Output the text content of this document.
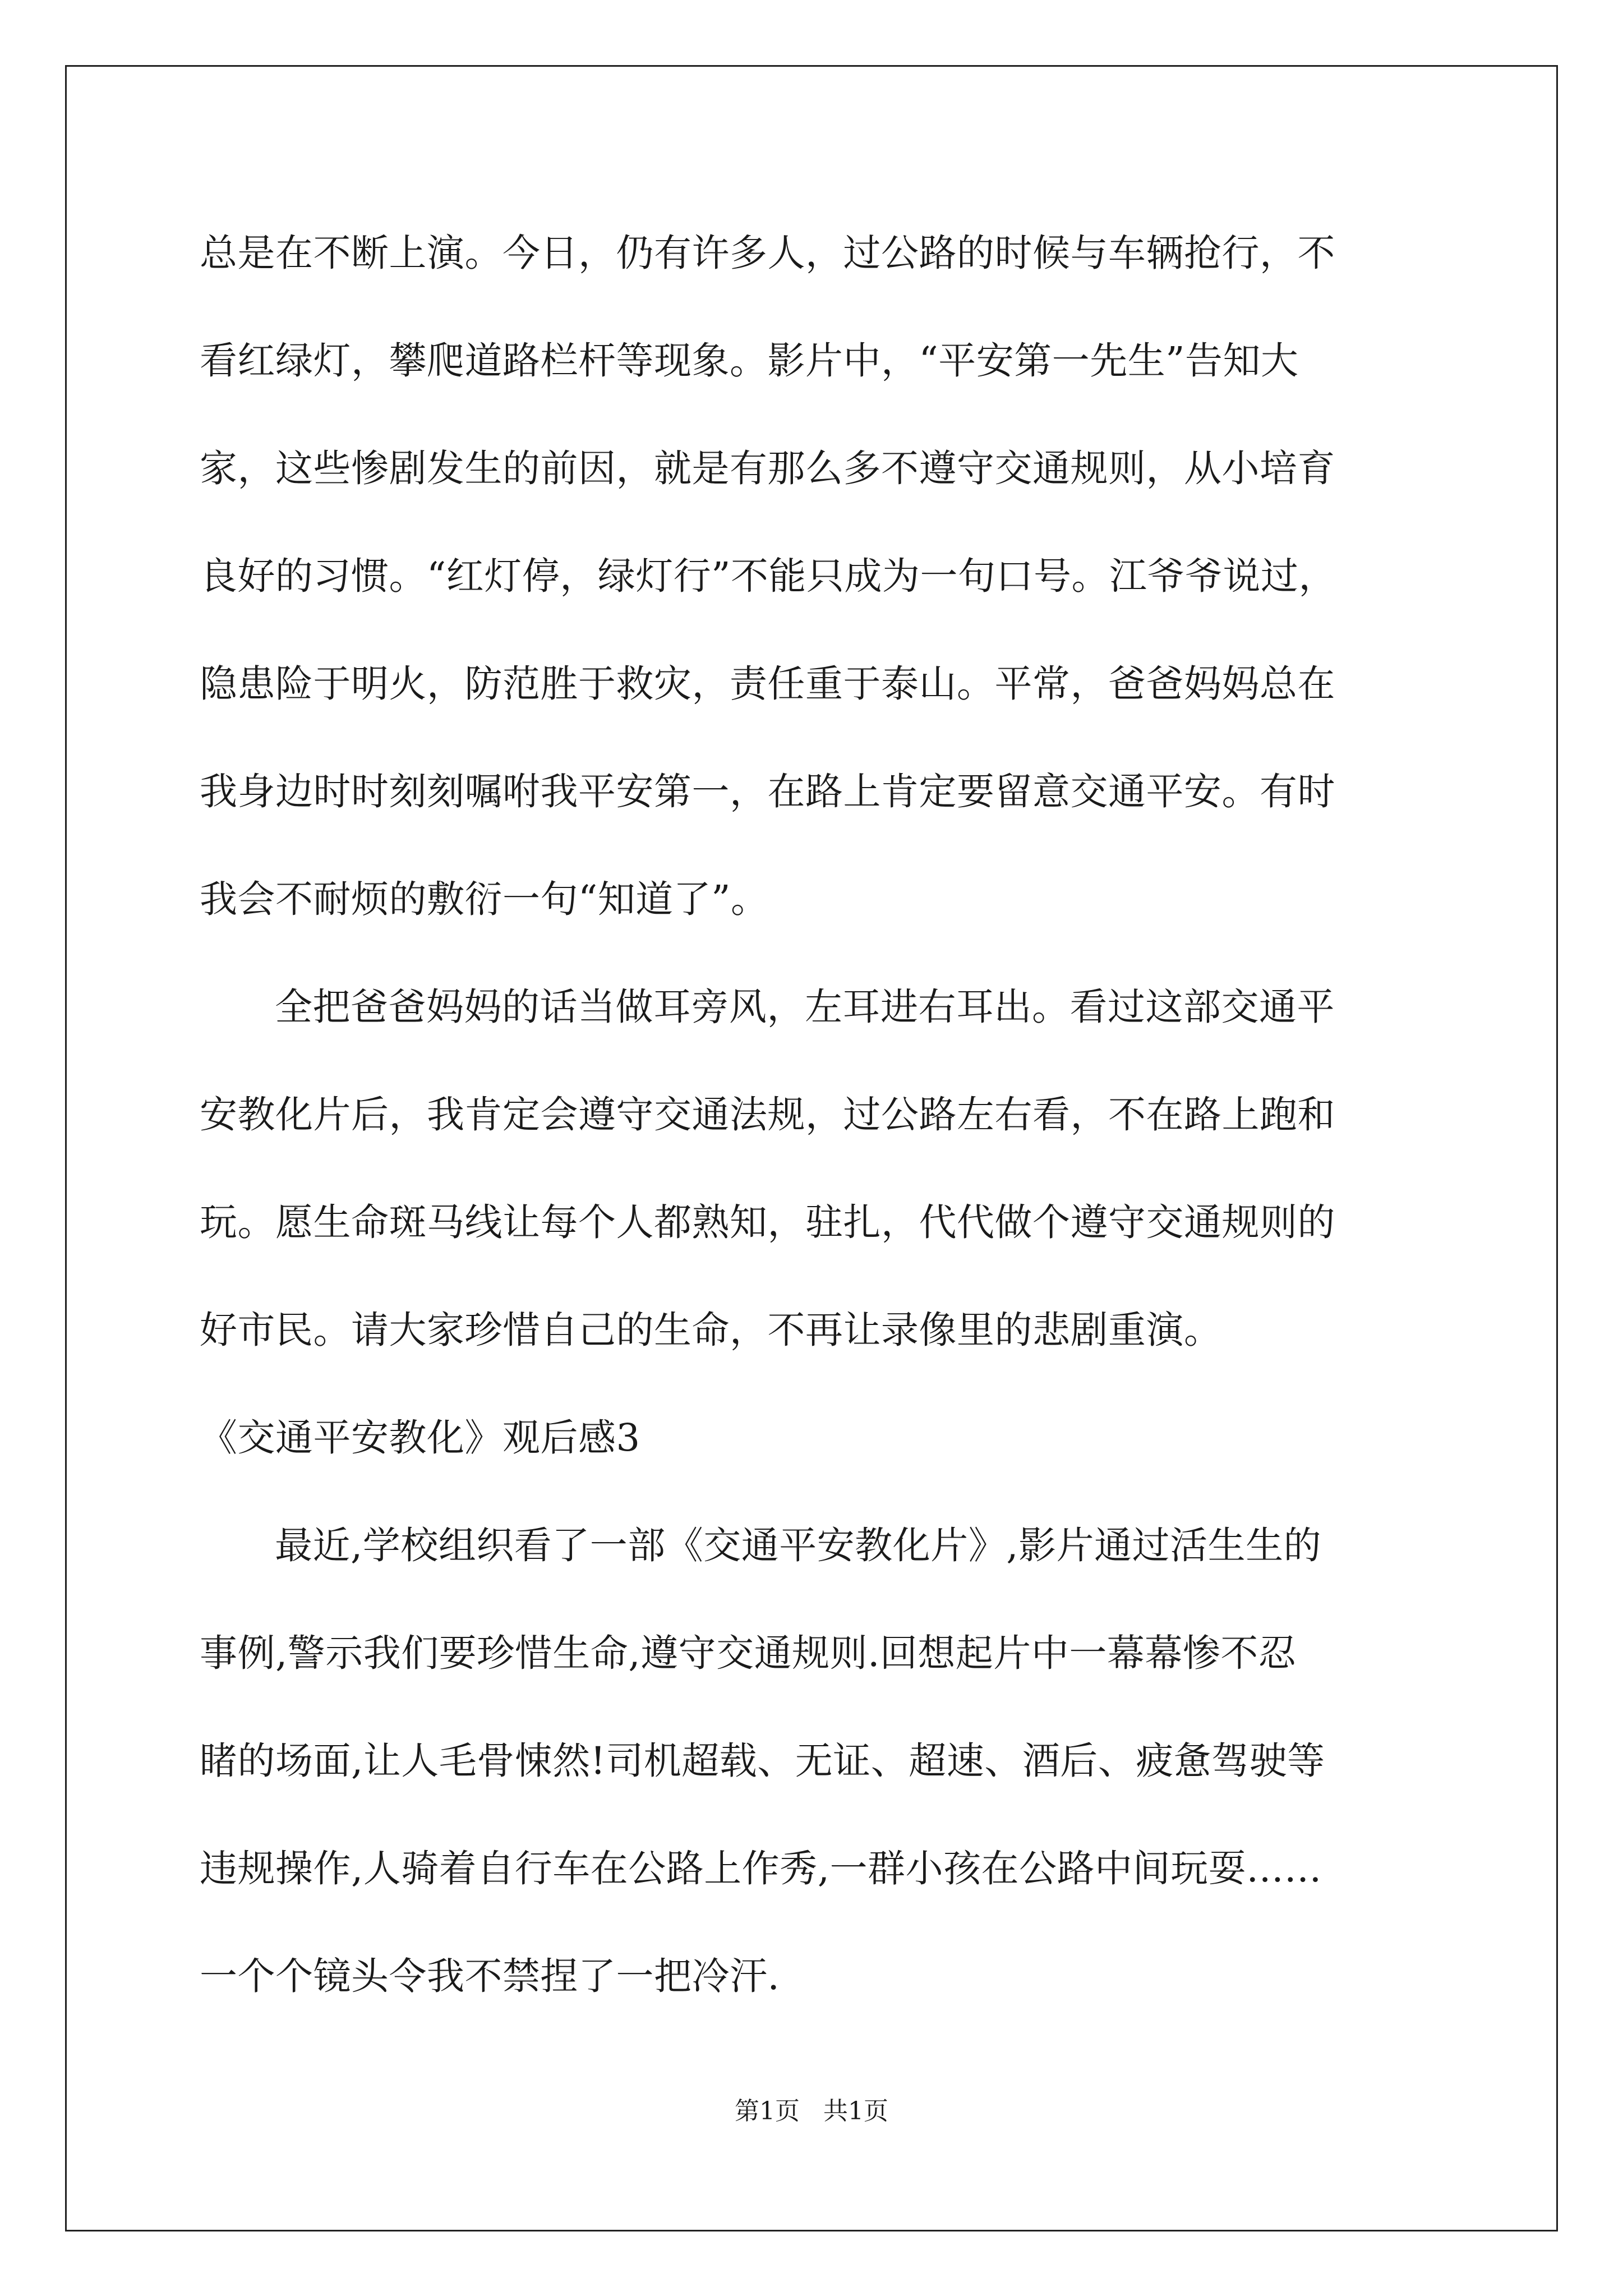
总是在不断上演。今日，仍有许多人，过公路的时候与车辆抢行，不
看红绿灯，攀爬道路栏杆等现象。影片中，“平安第一先生”告知大
家，这些惨剧发生的前因，就是有那么多不遵守交通规则，从小培育
良好的习惯。“红灯停，绿灯行”不能只成为一句口号。江爷爷说过，
隐患险于明火，防范胜于救灾，责任重于泰山。平常，爸爸妈妈总在
我身边时时刻刻嘱咐我平安第一，在路上肯定要留意交通平安。有时
我会不耐烦的敷衍一句“知道了”。
全把爸爸妈妈的话当做耳旁风，左耳进右耳出。看过这部交通平
安教化片后，我肯定会遵守交通法规，过公路左右看，不在路上跑和
玩。愿生命斑马线让每个人都熟知，驻扎，代代做个遵守交通规则的
好市民。请大家珍惜自己的生命，不再让录像里的悲剧重演。
《交通平安教化》观后感3
最近,学校组织看了一部《交通平安教化片》,影片通过活生生的
事例,警示我们要珍惜生命,遵守交通规则.回想起片中一幕幕惨不忍
睹的场面,让人毛骨悚然!司机超载、无证、超速、酒后、疲惫驾驶等
违规操作,人骑着自行车在公路上作秀,一群小孩在公路中间玩耍……
一个个镜头令我不禁捏了一把冷汗.
第1页   共1页
